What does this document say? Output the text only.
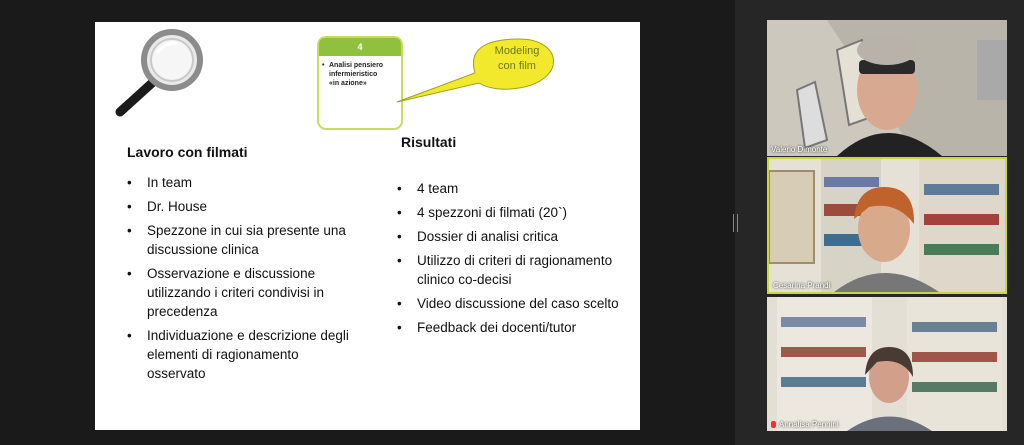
4
• Analisi pensiero
infermieristico
«in azione»
Modeling
con film
Lavoro con filmati
• In team
• Dr. House
• Spezzone in cui sia presente una discussione clinica
• Osservazione e discussione utilizzando i criteri condivisi in precedenza
• Individuazione e descrizione degli elementi di ragionamento osservato
Risultati
• 4 team
• 4 spezzoni di filmati (20`)
• Dossier di analisi critica
• Utilizzo di criteri di ragionamento clinico co-decisi
• Video discussione del caso scelto
• Feedback dei docenti/tutor
Valerio Dimonte
Cesarina Prandi
Annalisa Pennini
